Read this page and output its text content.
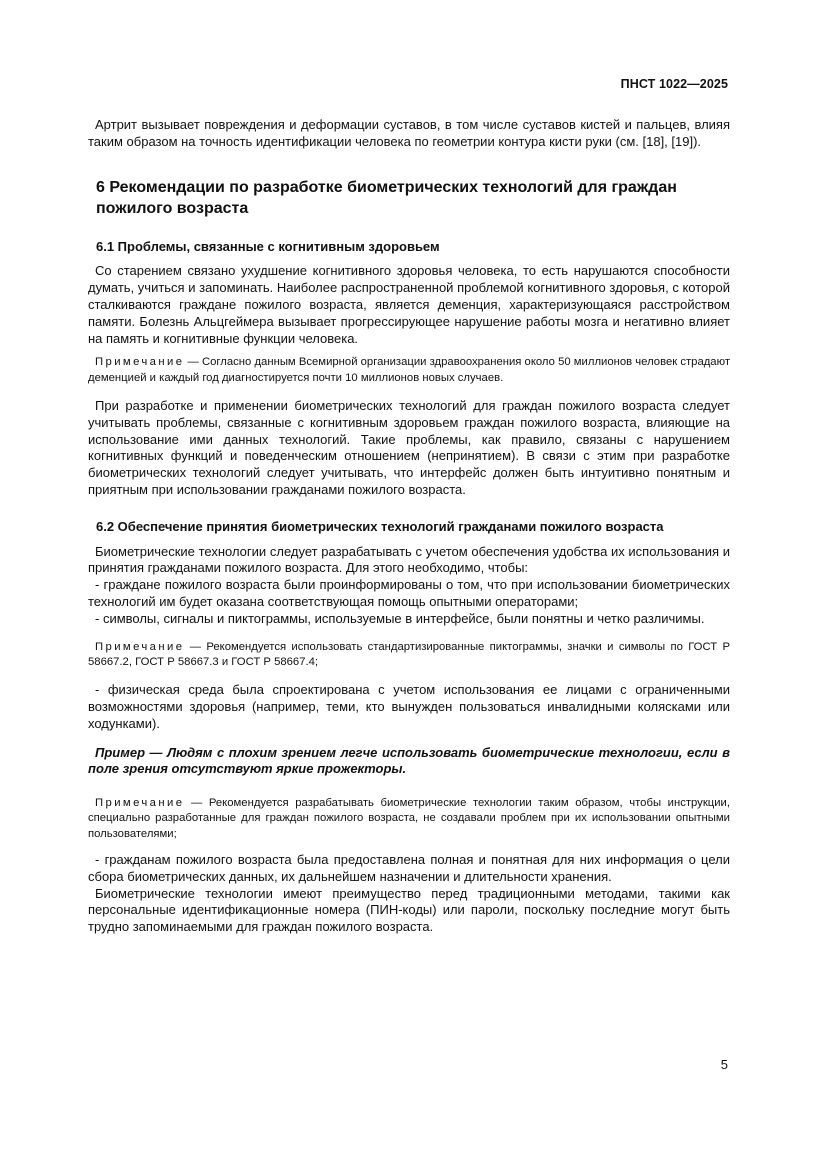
ПНСТ 1022—2025

Артрит вызывает повреждения и деформации суставов, в том числе суставов кистей и пальцев, влияя таким образом на точность идентификации человека по геометрии контура кисти руки (см. [18], [19]).

6 Рекомендации по разработке биометрических технологий для граждан пожилого возраста
6.1 Проблемы, связанные с когнитивным здоровьем

Со старением связано ухудшение когнитивного здоровья человека, то есть нарушаются способности думать, учиться и запоминать. Наиболее распространенной проблемой когнитивного здоровья, с которой сталкиваются граждане пожилого возраста, является деменция, характеризующаяся расстройством памяти. Болезнь Альцгеймера вызывает прогрессирующее нарушение работы мозга и негативно влияет на память и когнитивные функции человека.

Примечание — Согласно данным Всемирной организации здравоохранения около 50 миллионов человек страдают деменцией и каждый год диагностируется почти 10 миллионов новых случаев.

При разработке и применении биометрических технологий для граждан пожилого возраста следует учитывать проблемы, связанные с когнитивным здоровьем граждан пожилого возраста, влияющие на использование ими данных технологий. Такие проблемы, как правило, связаны с нарушением когнитивных функций и поведенческим отношением (непринятием). В связи с этим при разработке биометрических технологий следует учитывать, что интерфейс должен быть интуитивно понятным и приятным при использовании гражданами пожилого возраста.

6.2 Обеспечение принятия биометрических технологий гражданами пожилого возраста

Биометрические технологии следует разрабатывать с учетом обеспечения удобства их использования и принятия гражданами пожилого возраста. Для этого необходимо, чтобы:

- граждане пожилого возраста были проинформированы о том, что при использовании биометрических технологий им будет оказана соответствующая помощь опытными операторами;

- символы, сигналы и пиктограммы, используемые в интерфейсе, были понятны и четко различимы.

Примечание — Рекомендуется использовать стандартизированные пиктограммы, значки и символы по ГОСТ Р 58667.2, ГОСТ Р 58667.3 и ГОСТ Р 58667.4;

- физическая среда была спроектирована с учетом использования ее лицами с ограниченными возможностями здоровья (например, теми, кто вынужден пользоваться инвалидными колясками или ходунками).

Пример — Людям с плохим зрением легче использовать биометрические технологии, если в поле зрения отсутствуют яркие прожекторы.

Примечание — Рекомендуется разрабатывать биометрические технологии таким образом, чтобы инструкции, специально разработанные для граждан пожилого возраста, не создавали проблем при их использовании опытными пользователями;

- гражданам пожилого возраста была предоставлена полная и понятная для них информация о цели сбора биометрических данных, их дальнейшем назначении и длительности хранения.

Биометрические технологии имеют преимущество перед традиционными методами, такими как персональные идентификационные номера (ПИН-коды) или пароли, поскольку последние могут быть трудно запоминаемыми для граждан пожилого возраста.

5
